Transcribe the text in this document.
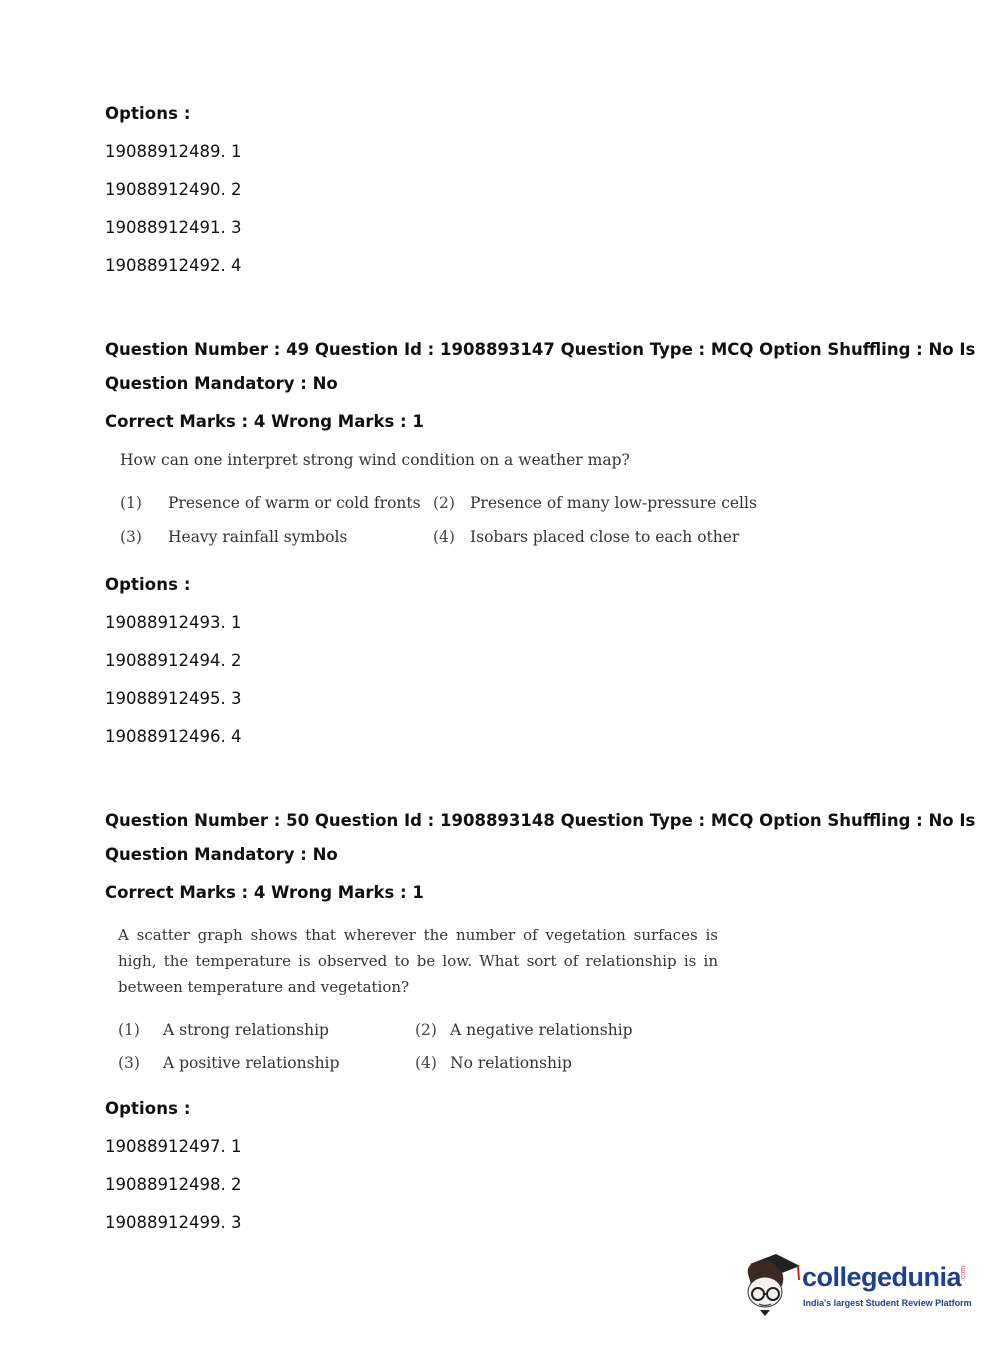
Options :
19088912489. 1
19088912490. 2
19088912491. 3
19088912492. 4
Question Number : 49 Question Id : 1908893147 Question Type : MCQ Option Shuffling : No Is
Question Mandatory : No
Correct Marks : 4 Wrong Marks : 1
How can one interpret strong wind condition on a weather map?
(1) Presence of warm or cold fronts (2) Presence of many low-pressure cells
(3) Heavy rainfall symbols	(4) Isobars placed close to each other
Options :
19088912493. 1
19088912494. 2
19088912495. 3
19088912496. 4
Question Number : 50 Question Id : 1908893148 Question Type : MCQ Option Shuffling : No Is
Question Mandatory : No
Correct Marks : 4 Wrong Marks : 1
A scatter graph shows that wherever the number of vegetation surfaces is high, the temperature is observed to be low. What sort of relationship is in between temperature and vegetation?
(1) A strong relationship	(2) A negative relationship
(3) A positive relationship	(4) No relationship
Options :
19088912497. 1
19088912498. 2
19088912499. 3
collegedunia .com
India's largest Student Review Platform
